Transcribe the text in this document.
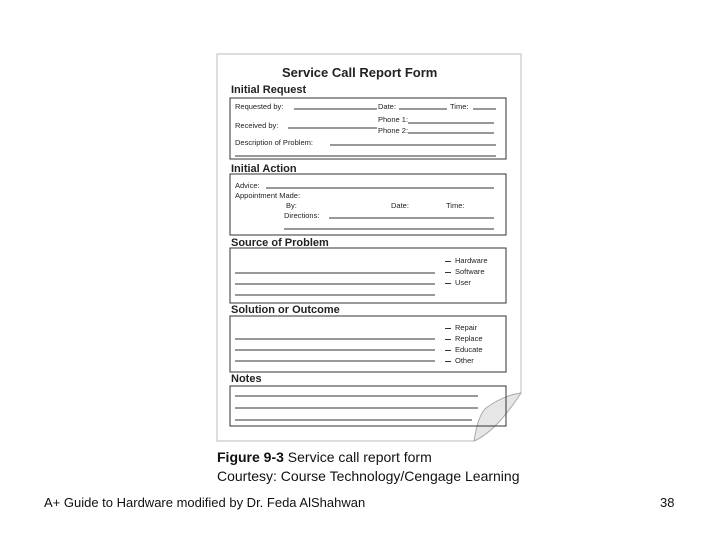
Service Call Report Form
Initial Request
Requested by:	Date:	Time:
Received by:
Phone 1:
Phone 2:
Description of Problem:
Initial Action
Advice:
Appointment Made:
By:	Date:	Time:
Directions:
Source of Problem
Hardware
Software
User
Solution or Outcome
Repair
Replace
Educate
Other
Notes
Figure 9-3 Service call report form
Courtesy: Course Technology/Cengage Learning
A+ Guide to Hardware modified by Dr. Feda AlShahwan	38
